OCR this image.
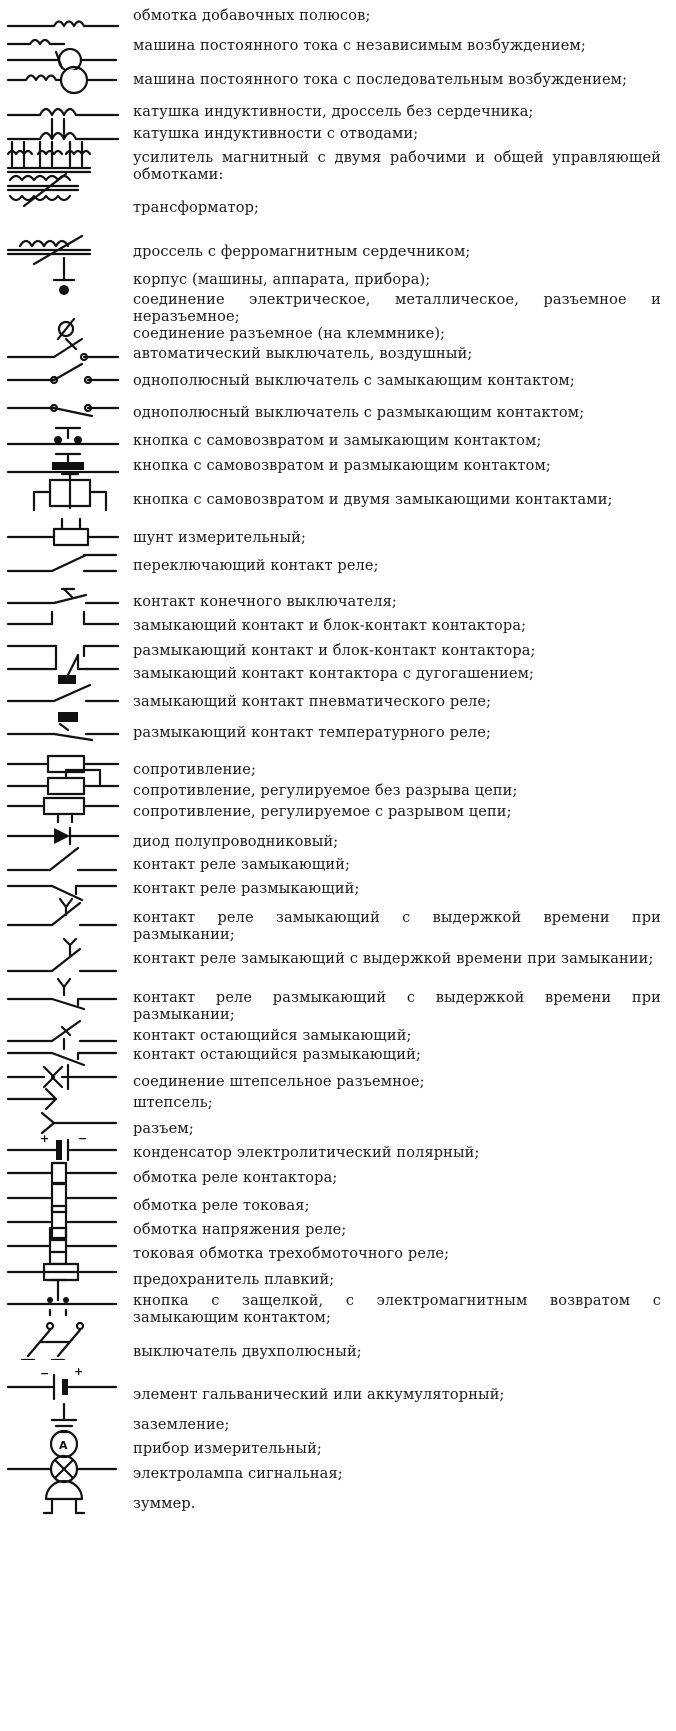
обмотка добавочных полюсов;
машина постоянного тока с независимым возбуждением;
машина постоянного тока с последовательным возбуждением;
катушка индуктивности, дроссель без сердечника;
катушка индуктивности с отводами;
усилитель магнитный с двумя рабочими и общей управляющей обмотками:
трансформатор;
дроссель с ферромагнитным сердечником;
корпус (машины, аппарата, прибора);
соединение электрическое, металлическое, разъемное и неразъемное;
соединение разъемное (на клеммнике);
автоматический выключатель, воздушный;
однополюсный выключатель с замыкающим контактом;
однополюсный выключатель с размыкающим контактом;
кнопка с самовозвратом и замыкающим контактом;
кнопка с самовозвратом и размыкающим контактом;
кнопка с самовозвратом и двумя замыкающими контактами;
шунт измерительный;
переключающий контакт реле;
контакт конечного выключателя;
замыкающий контакт и блок-контакт контактора;
размыкающий контакт и блок-контакт контактора;
замыкающий контакт контактора с дугогашением;
замыкающий контакт пневматического реле;
размыкающий контакт температурного реле;
сопротивление;
сопротивление, регулируемое без разрыва цепи;
сопротивление, регулируемое с разрывом цепи;
диод полупроводниковый;
контакт реле замыкающий;
контакт реле размыкающий;
контакт реле замыкающий с выдержкой времени при размыкании;
контакт реле замыкающий с выдержкой времени при замыкании;
контакт реле размыкающий с выдержкой времени при размыкании;
контакт остающийся замыкающий;
контакт остающийся размыкающий;
соединение штепсельное разъемное;
штепсель;
разъем;
+	−
конденсатор электролитический полярный;
обмотка реле контактора;
обмотка реле токовая;
обмотка напряжения реле;
токовая обмотка трехобмоточного реле;
предохранитель плавкий;
кнопка с защелкой, с электромагнитным возвратом с замыкающим контактом;
выключатель двухполюсный;
− +
элемент гальванический или аккумуляторный;
заземление;
A	прибор измерительный;
электролампа сигнальная;
зуммер.
